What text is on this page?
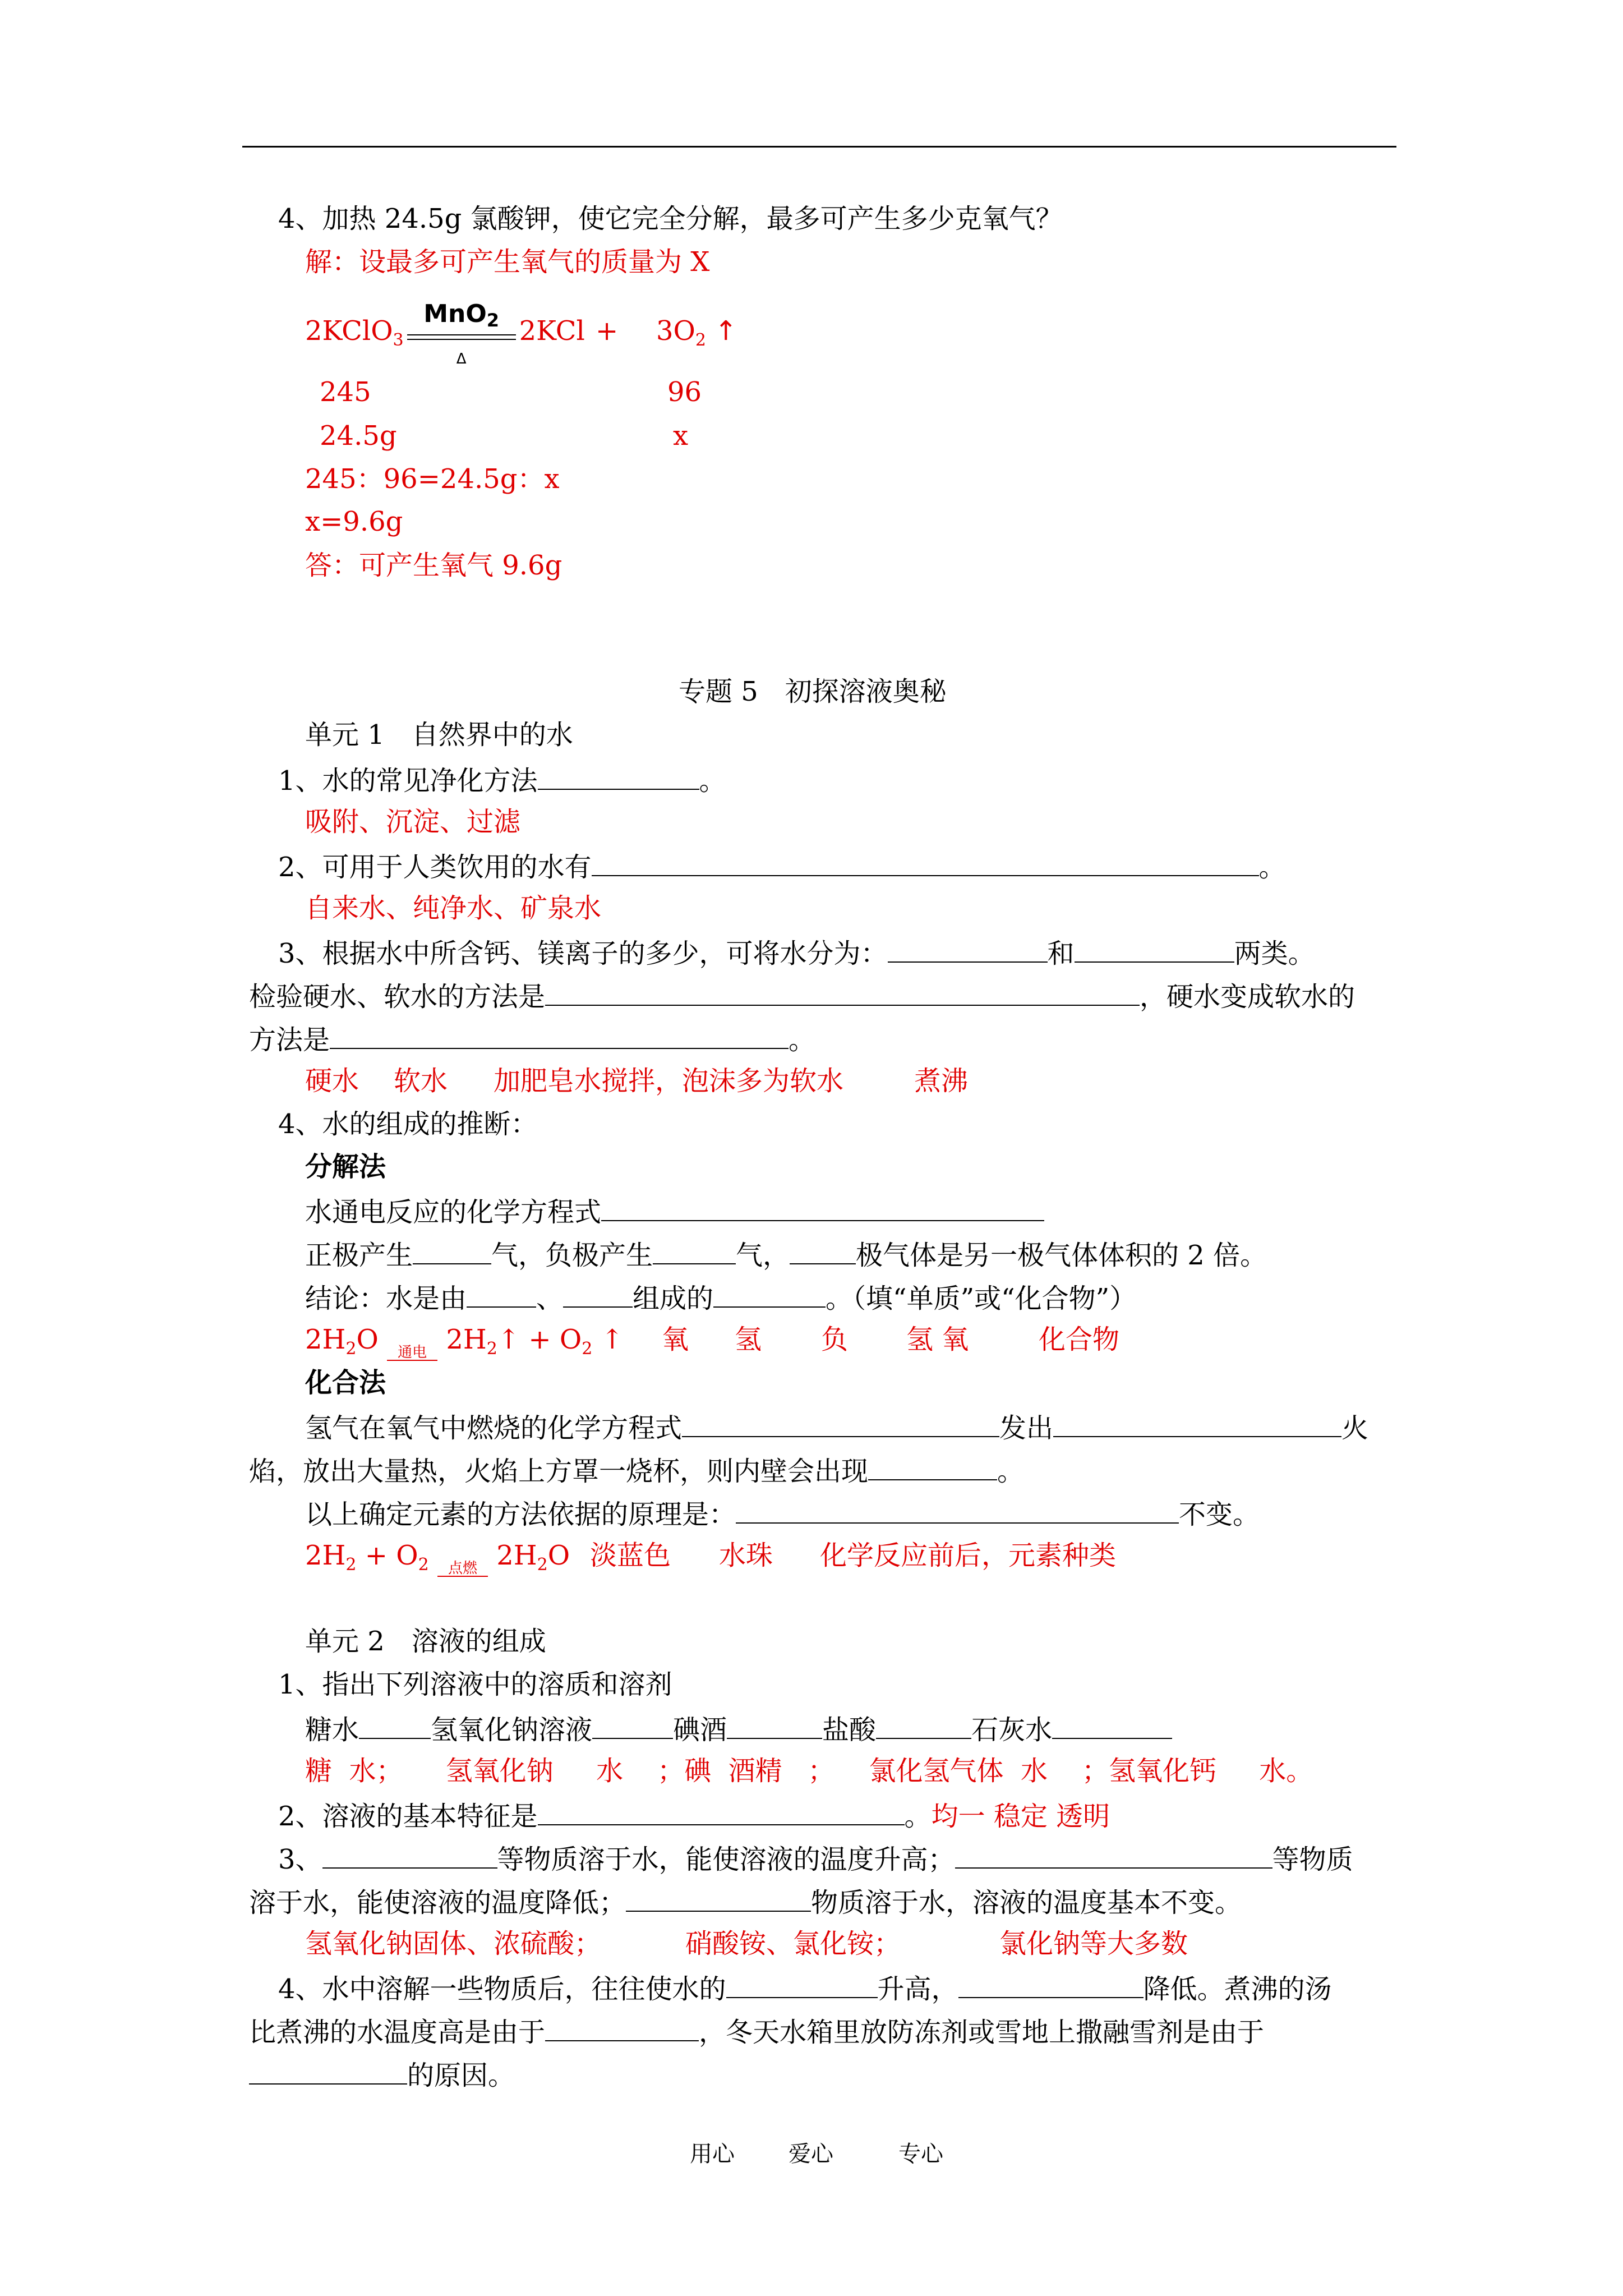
4、加热 24.5g 氯酸钾，使它完全分解，最多可产生多少克氧气？
解：设最多可产生氧气的质量为 X
2KClO$_3$
MnO$_2$
Δ
$2KCl + 3O_2$ ↑
245	96
24.5g	x
245：96=24.5g：x
x=9.6g
答：可产生氧气 9.6g
专题 5　初探溶液奥秘
单元 1　自然界中的水
1、水的常见净化方法	。
吸附、沉淀、过滤
2、可用于人类饮用的水有	。
自来水、纯净水、矿泉水
3、根据水中所含钙、镁离子的多少，可将水分为：	和	两类。
检验硬水、软水的方法是	，硬水变成软水的
方法是	。
硬水 软水 加肥皂水搅拌，泡沫多为软水	煮沸
4、水的组成的推断：
分解法
水通电反应的化学方程式
正极产生	气，负极产生	气， 极气体是另一极气体体积的 2 倍。
结论：水是由	、	组成的	。（填“单质”或“化合物”）
$2H_2O$	通电 $2H_2↑ + O_2$ ↑ 氧 氢 负 氢 氧	化合物
化合法
氢气在氧气中燃烧的化学方程式	发出	火
焰，放出大量热，火焰上方罩一烧杯，则内壁会出现	。
以上确定元素的方法依据的原理是：	不变。
$2H_2 + O_2$	点燃 $2H_2O$ 淡蓝色 水珠 化学反应前后，元素种类
单元 2　溶液的组成
1、指出下列溶液中的溶质和溶剂
糖水	氢氧化钠溶液	碘酒	盐酸	石灰水
糖  水；     氢氧化钠     水    ；碘  酒精   ；    氯化氢气体  水    ；氢氧化钙     水。
2、溶液的基本特征是	。均一 稳定 透明
3、	等物质溶于水，能使溶液的温度升高；	等物质
溶于水，能使溶液的温度降低；	物质溶于水，溶液的温度基本不变。
氢氧化钠固体、浓硫酸；	硝酸铵、氯化铵；	氯化钠等大多数
4、水中溶解一些物质后，往往使水的	升高，	降低。煮沸的汤
比煮沸的水温度高是由于	，冬天水箱里放防冻剂或雪地上撒融雪剂是由于
的原因。
用心 爱心	专心
